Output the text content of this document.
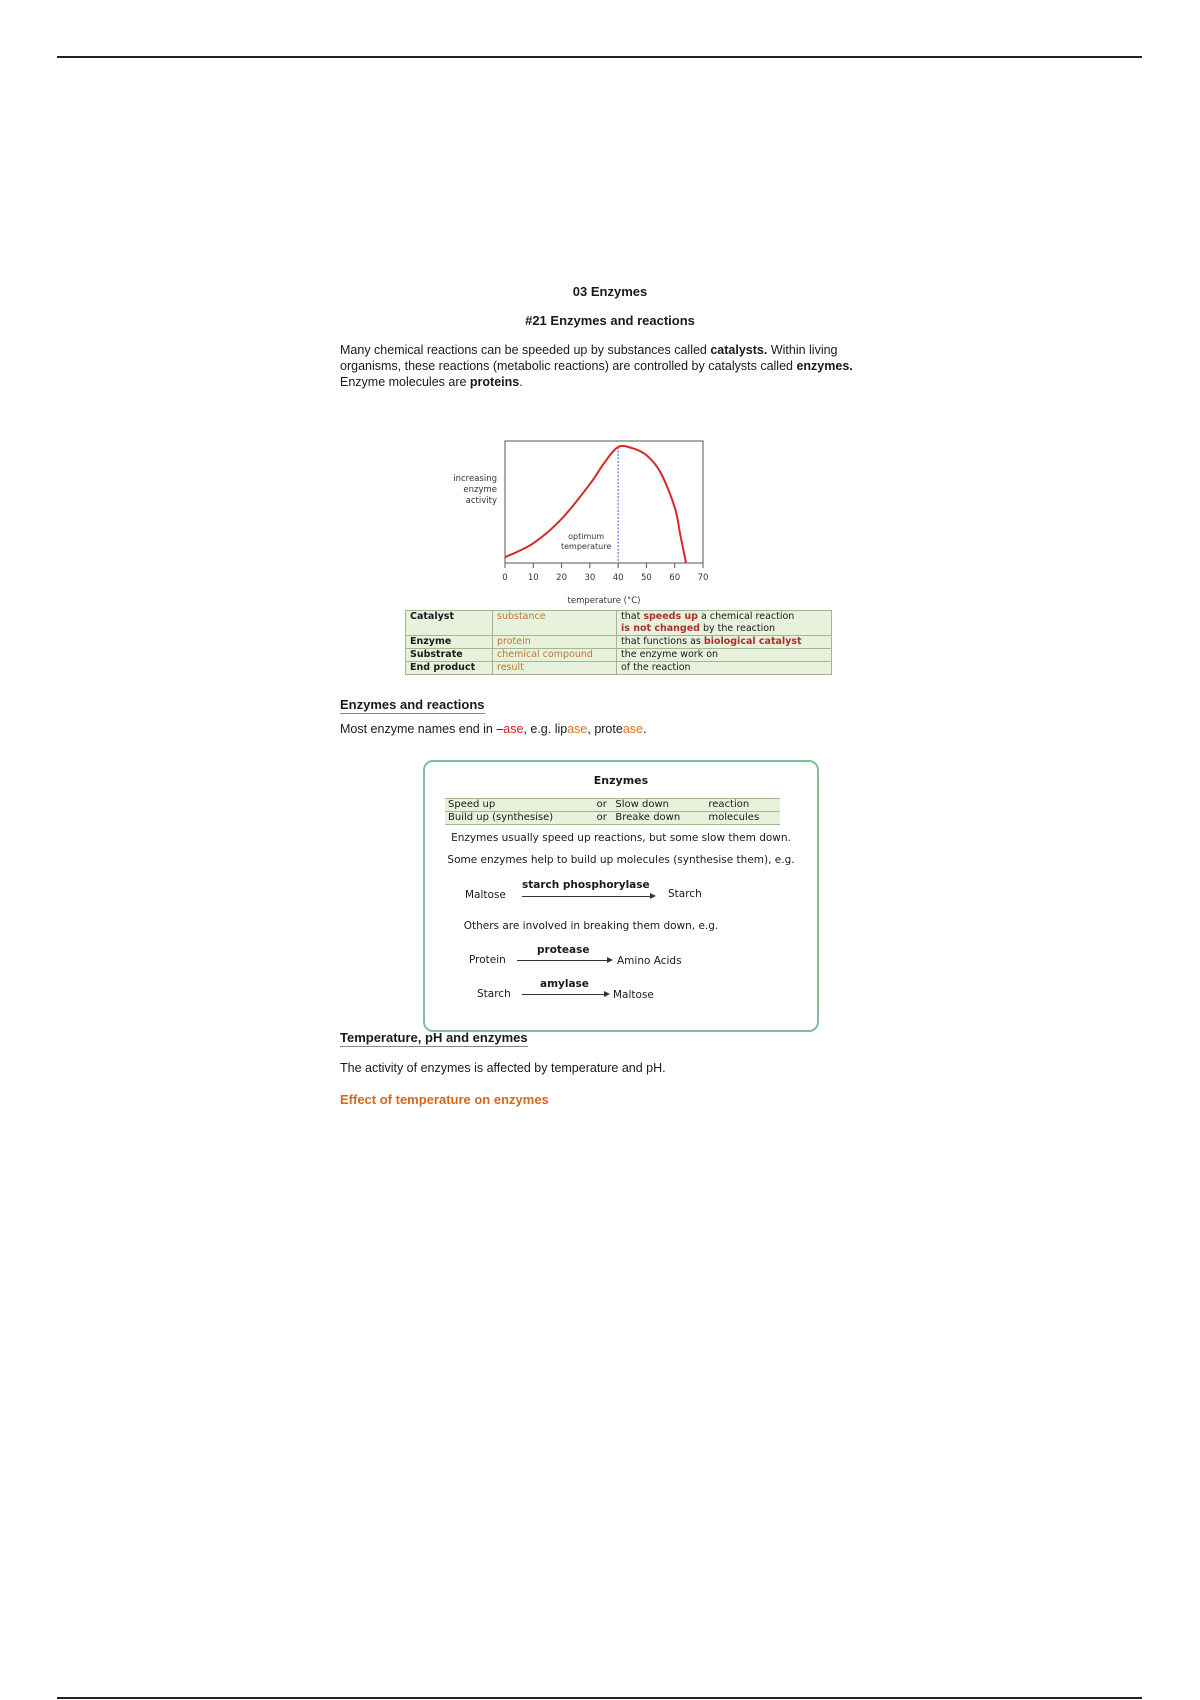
03 Enzymes
#21 Enzymes and reactions
Many chemical reactions can be speeded up by substances called catalysts. Within living organisms, these reactions (metabolic reactions) are controlled by catalysts called enzymes. Enzyme molecules are proteins.
increasing
enzyme
activity
0 10 20 30 40 50 60 70
optimum
temperature
temperature (°C)
Catalyst	substance	that speeds up a chemical reaction
is not changed by the reaction
Enzyme	protein	that functions as biological catalyst
Substrate	chemical compound	the enzyme work on
End product	result	of the reaction
Enzymes and reactions
Most enzyme names end in –ase, e.g. lipase, protease.
Enzymes
Speed up	or	Slow down	reaction
Build up (synthesise)	or	Breake down	molecules
Enzymes usually speed up reactions, but some slow them down.
Some enzymes help to build up molecules (synthesise them), e.g.
Maltose
starch phosphorylase
Starch
Others are involved in breaking them down, e.g.
Protein
protease
Amino Acids
Starch
amylase
Maltose
Temperature, pH and enzymes
The activity of enzymes is affected by temperature and pH.
Effect of temperature on enzymes
